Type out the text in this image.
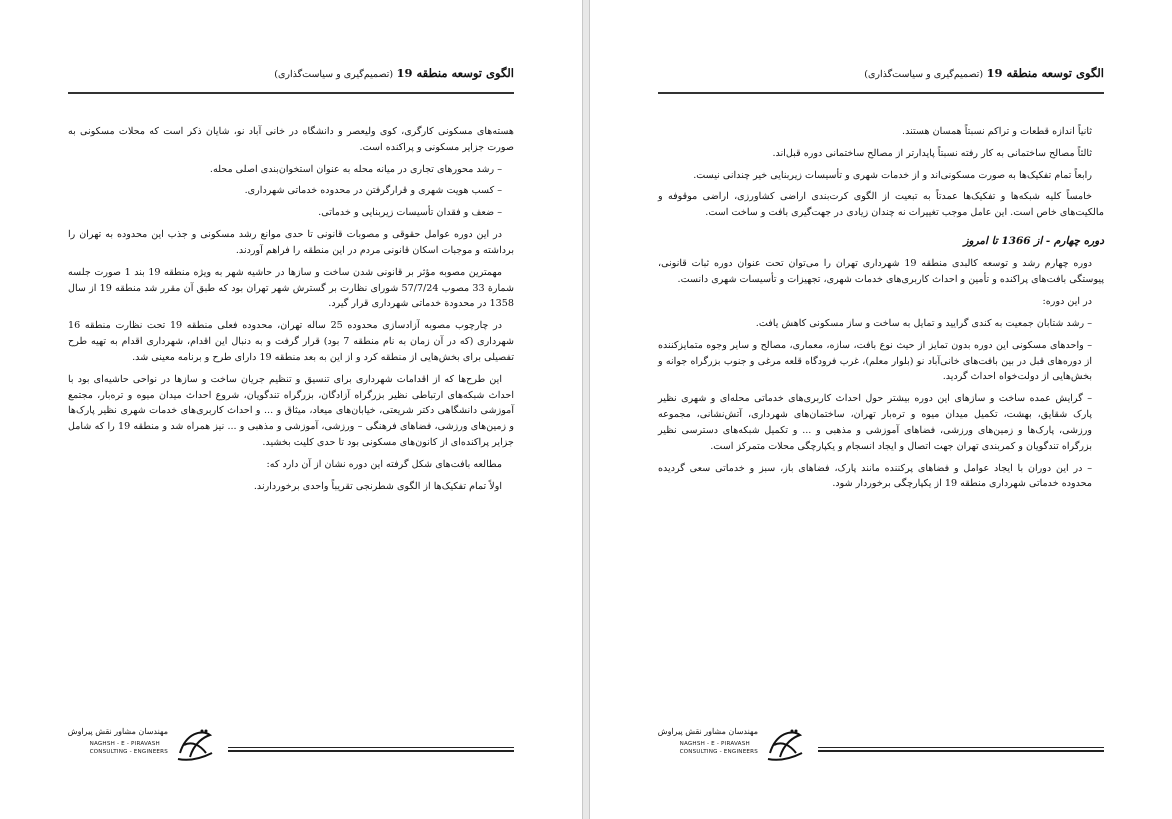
الگوی توسعه منطقه 19 (تصمیم‌گیری و سیاست‌گذاری)

هسته‌های مسکونی کارگری، کوی ولیعصر و دانشگاه در خانی آباد نو، شایان ذکر است که محلات مسکونی به صورت جزایر مسکونی و پراکنده است.

– رشد محورهای تجاری در میانه محله به عنوان استخوان‌بندی اصلی محله.

– کسب هویت شهری و قرارگرفتن در محدوده خدماتی شهرداری.

– ضعف و فقدان تأسیسات زیربنایی و خدماتی.

در این دوره عوامل حقوقی و مصوبات قانونی تا حدی موانع رشد مسکونی و جذب این محدوده به تهران را برداشته و موجبات اسکان قانونی مردم در این منطقه را فراهم آوردند.

مهمترین مصوبه مؤثر بر قانونی شدن ساخت و سازها در حاشیه شهر به ویژه منطقه 19 بند 1 صورت جلسه شمارة 33 مصوب 57/7/24 شورای نظارت بر گسترش شهر تهران بود که طبق آن مقرر شد منطقه 19 از سال 1358 در محدودة خدماتی شهرداری قرار گیرد.

در چارچوب مصوبه آزادسازی محدوده 25 ساله تهران، محدوده فعلی منطقه 19 تحت نظارت منطقه 16 شهرداری (که در آن زمان به نام منطقه 7 بود) قرار گرفت و به دنبال این اقدام، شهرداری اقدام به تهیه طرح تفصیلی برای بخش‌هایی از منطقه کرد و از این به بعد منطقه 19 دارای طرح و برنامه معینی شد.

این طرح‌ها که از اقدامات شهرداری برای تنسیق و تنظیم جریان ساخت و سازها در نواحی حاشیه‌ای بود با احداث شبکه‌های ارتباطی نظیر بزرگراه آزادگان، بزرگراه تندگویان، شروع احداث میدان میوه و تره‌بار، مجتمع آموزشی دانشگاهی دکتر شریعتی، خیابان‌های میعاد، میثاق و ... و احداث کاربری‌های خدمات شهری نظیر پارک‌ها و زمین‌های ورزشی، فضاهای فرهنگی – ورزشی، آموزشی و مذهبی و ... نیز همراه شد و منطقه 19 را که شامل جزایر پراکنده‌ای از کانون‌های مسکونی بود تا حدی کلیت بخشید.

مطالعه بافت‌های شکل گرفته این دوره نشان از آن دارد که:

اولاً تمام تفکیک‌ها از الگوی شطرنجی تقریباً واحدی برخوردارند.

مهندسان مشاور نقش پیراوش
NAGHSH - E - PIRAVASH
CONSULTING - ENGINEERS
الگوی توسعه منطقه 19 (تصمیم‌گیری و سیاست‌گذاری)

ثانیاً اندازه قطعات و تراکم نسبتاً همسان هستند.

ثالثاً مصالح ساختمانی به کار رفته نسبتاً پایدارتر از مصالح ساختمانی دوره قبل‌اند.

رابعاً تمام تفکیک‌ها به صورت مسکونی‌اند و از خدمات شهری و تأسیسات زیربنایی خیر چندانی نیست.

خامساً کلیه شبکه‌ها و تفکیک‌ها عمدتاً به تبعیت از الگوی کرت‌بندی اراضی کشاورزی، اراضی موقوفه و مالکیت‌های خاص است. این عامل موجب تغییرات نه چندان زیادی در جهت‌گیری بافت و ساخت است.

دوره چهارم - از 1366 تا امروز

دوره چهارم رشد و توسعه کالبدی منطقه 19 شهرداری تهران را می‌توان تحت عنوان دوره ثبات قانونی، پیوستگی بافت‌های پراکنده و تأمین و احداث کاربری‌های خدمات شهری، تجهیزات و تأسیسات شهری دانست.

در این دوره:

– رشد شتابان جمعیت به کندی گرایید و تمایل به ساخت و ساز مسکونی کاهش یافت.

– واحدهای مسکونی این دوره بدون تمایز از حیث نوع بافت، سازه، معماری، مصالح و سایر وجوه متمایزکننده از دوره‌های قبل در بین بافت‌های خانی‌آباد نو (بلوار معلم)، غرب فرودگاه قلعه مرغی و جنوب بزرگراه جوانه و بخش‌هایی از دولت‌خواه احداث گردید.

– گرایش عمده ساخت و سازهای این دوره بیشتر حول احداث کاربری‌های خدماتی محله‌ای و شهری نظیر پارک شقایق، بهشت، تکمیل میدان میوه و تره‌بار تهران، ساختمان‌های شهرداری، آتش‌نشانی، مجموعه ورزشی، پارک‌ها و زمین‌های ورزشی، فضاهای آموزشی و مذهبی و ... و تکمیل شبکه‌های دسترسی نظیر بزرگراه تندگویان و کمربندی تهران جهت اتصال و ایجاد انسجام و یکپارچگی محلات متمرکز است.

– در این دوران با ایجاد عوامل و فضاهای پرکننده مانند پارک، فضاهای باز، سبز و خدماتی سعی گردیده محدوده خدماتی شهرداری منطقه 19 از یکپارچگی برخوردار شود.

مهندسان مشاور نقش پیراوش
NAGHSH - E - PIRAVASH
CONSULTING - ENGINEERS
